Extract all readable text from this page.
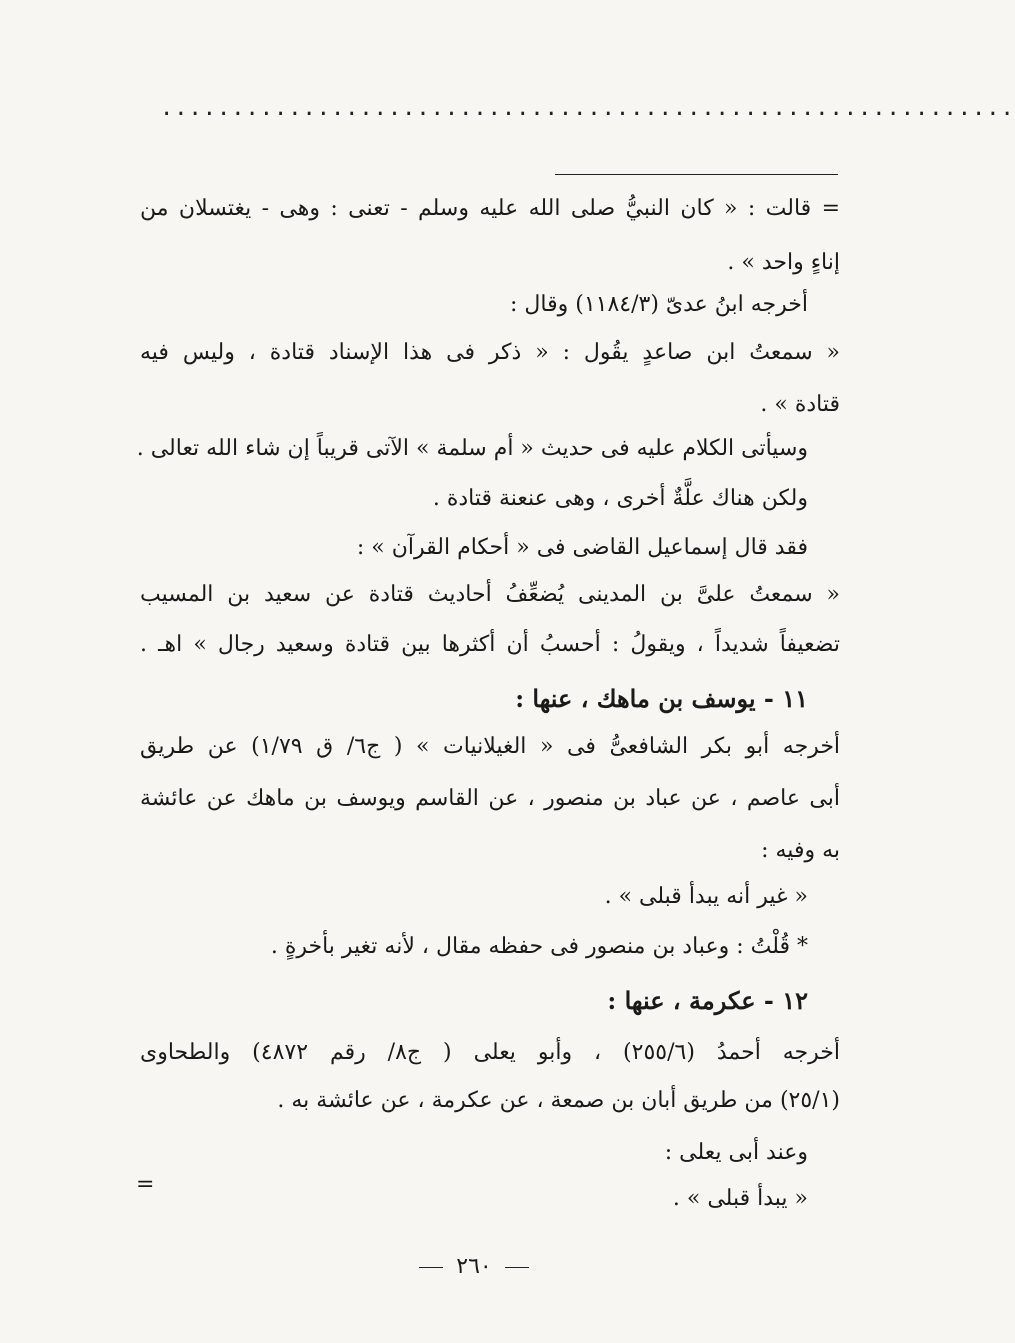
............................................................
= قالت : « كان النبيُّ صلى الله عليه وسلم - تعنى : وهى - يغتسلان من
إناءٍ واحد » .
أخرجه ابنُ عدىّ (١١٨٤/٣) وقال :
« سمعتُ ابن صاعدٍ يقُول : « ذكر فى هذا الإسناد قتادة ، وليس فيه
قتادة » .
وسيأتى الكلام عليه فى حديث « أم سلمة » الآتى قريباً إن شاء الله تعالى .
ولكن هناك علَّةٌ أخرى ، وهى عنعنة قتادة .
فقد قال إسماعيل القاضى فى « أحكام القرآن » :
« سمعتُ علىَّ بن المدينى يُضعِّفُ أحاديث قتادة عن سعيد بن المسيب
تضعيفاً شديداً ، ويقولُ : أحسبُ أن أكثرها بين قتادة وسعيد رجال » اهـ .
١١ - يوسف بن ماهك ، عنها :
أخرجه أبو بكر الشافعىُّ فى « الغيلانيات » ( ج٦/ ق ١/٧٩) عن طريق
أبى عاصم ، عن عباد بن منصور ، عن القاسم ويوسف بن ماهك عن عائشة
به وفيه :
« غير أنه يبدأ قبلى » .
* قُلْتُ : وعباد بن منصور فى حفظه مقال ، لأنه تغير بأخرةٍ .
١٢ - عكرمة ، عنها :
أخرجه أحمدُ (٢٥٥/٦) ، وأبو يعلى ( ج٨/ رقم ٤٨٧٢) والطحاوى
(٢٥/١) من طريق أبان بن صمعة ، عن عكرمة ، عن عائشة به .
وعند أبى يعلى :
« يبدأ قبلى » .
=
٢٦٠
